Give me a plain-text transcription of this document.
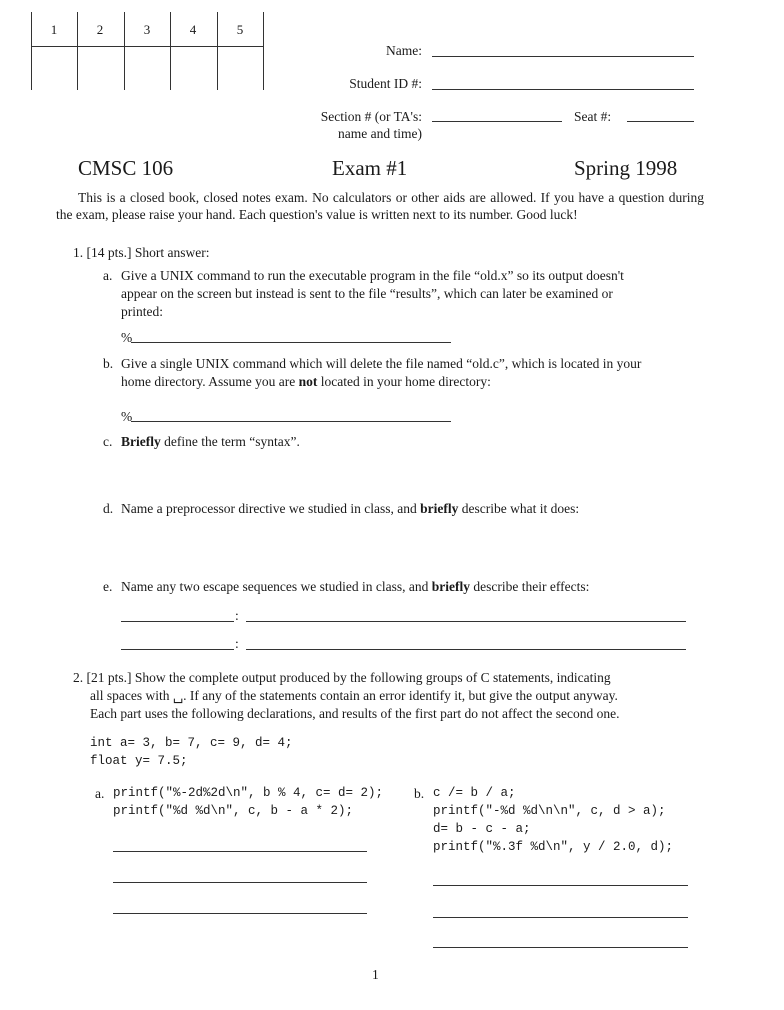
1	2	3	4	5
Name:
Student ID #:
Section # (or TA's:
name and time)
Seat #:
CMSC 106	Exam #1	Spring 1998
This is a closed book, closed notes exam. No calculators or other aids are allowed. If you have a question during the exam, please raise your hand. Each question's value is written next to its number. Good luck!
1. [14 pts.] Short answer:
a. Give a UNIX command to run the executable program in the file “old.x” so its output doesn't
appear on the screen but instead is sent to the file “results”, which can later be examined or
printed:
%
b. Give a single UNIX command which will delete the file named “old.c”, which is located in your
home directory. Assume you are not located in your home directory:
%
c. Briefly define the term “syntax”.
d. Name a preprocessor directive we studied in class, and briefly describe what it does:
e. Name any two escape sequences we studied in class, and briefly describe their effects:
:
:
2. [21 pts.] Show the complete output produced by the following groups of C statements, indicating
all spaces with ␣. If any of the statements contain an error identify it, but give the output anyway.
Each part uses the following declarations, and results of the first part do not affect the second one.
int a= 3, b= 7, c= 9, d= 4;
float y= 7.5;
a. printf("%-2d%2d\n", b % 4, c= d= 2);
printf("%d %d\n", c, b - a * 2);
b. c /= b / a;
printf("-%d %d\n\n", c, d > a);
d= b - c - a;
printf("%.3f %d\n", y / 2.0, d);
1
